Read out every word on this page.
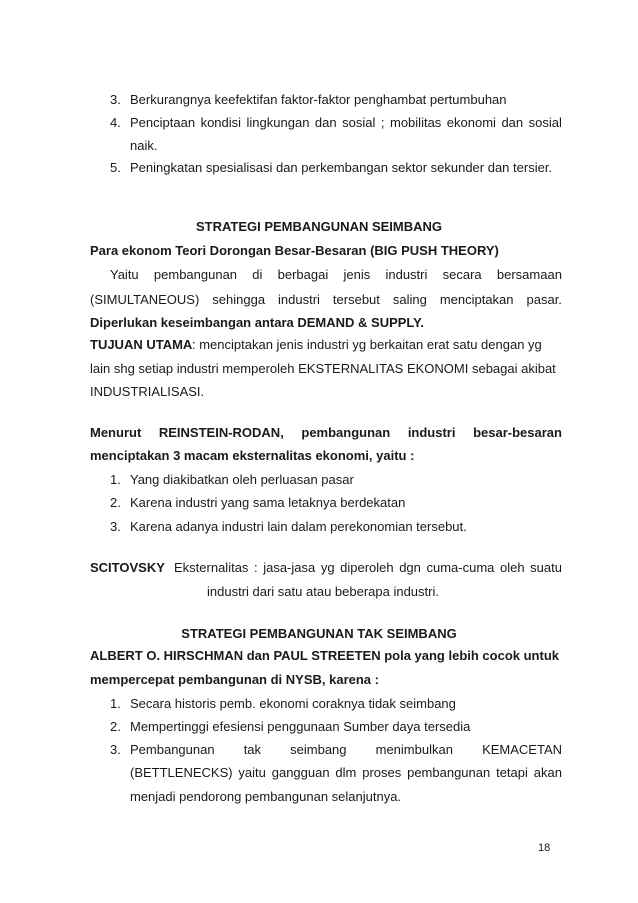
3. Berkurangnya keefektifan faktor-faktor penghambat pertumbuhan
4. Penciptaan kondisi lingkungan dan sosial ; mobilitas ekonomi dan sosial
naik.
5. Peningkatan spesialisasi dan perkembangan sektor sekunder dan tersier.
STRATEGI PEMBANGUNAN SEIMBANG
Para ekonom Teori Dorongan Besar-Besaran (BIG PUSH THEORY)
Yaitu pembangunan di berbagai jenis industri secara bersamaan
(SIMULTANEOUS) sehingga industri tersebut saling menciptakan pasar.
Diperlukan keseimbangan antara DEMAND & SUPPLY.
TUJUAN UTAMA : menciptakan jenis industri yg berkaitan erat satu dengan yg
lain shg setiap industri memperoleh EKSTERNALITAS EKONOMI sebagai akibat
INDUSTRIALISASI.
Menurut REINSTEIN-RODAN, pembangunan industri besar-besaran
menciptakan 3 macam eksternalitas ekonomi, yaitu :
1. Yang diakibatkan oleh perluasan pasar
2. Karena industri yang sama letaknya berdekatan
3. Karena adanya industri lain dalam perekonomian tersebut.
SCITOVSKY Eksternalitas : jasa-jasa yg diperoleh dgn cuma-cuma oleh suatu
industri dari satu atau beberapa industri.
STRATEGI PEMBANGUNAN TAK SEIMBANG
ALBERT O. HIRSCHMAN dan PAUL STREETEN pola yang lebih cocok untuk
mempercepat pembangunan di NYSB, karena :
1. Secara historis pemb. ekonomi coraknya tidak seimbang
2. Mempertinggi efesiensi penggunaan Sumber daya tersedia
3. Pembangunan tak seimbang menimbulkan KEMACETAN
(BETTLENECKS) yaitu gangguan dlm proses pembangunan tetapi akan
menjadi pendorong pembangunan selanjutnya.
18
